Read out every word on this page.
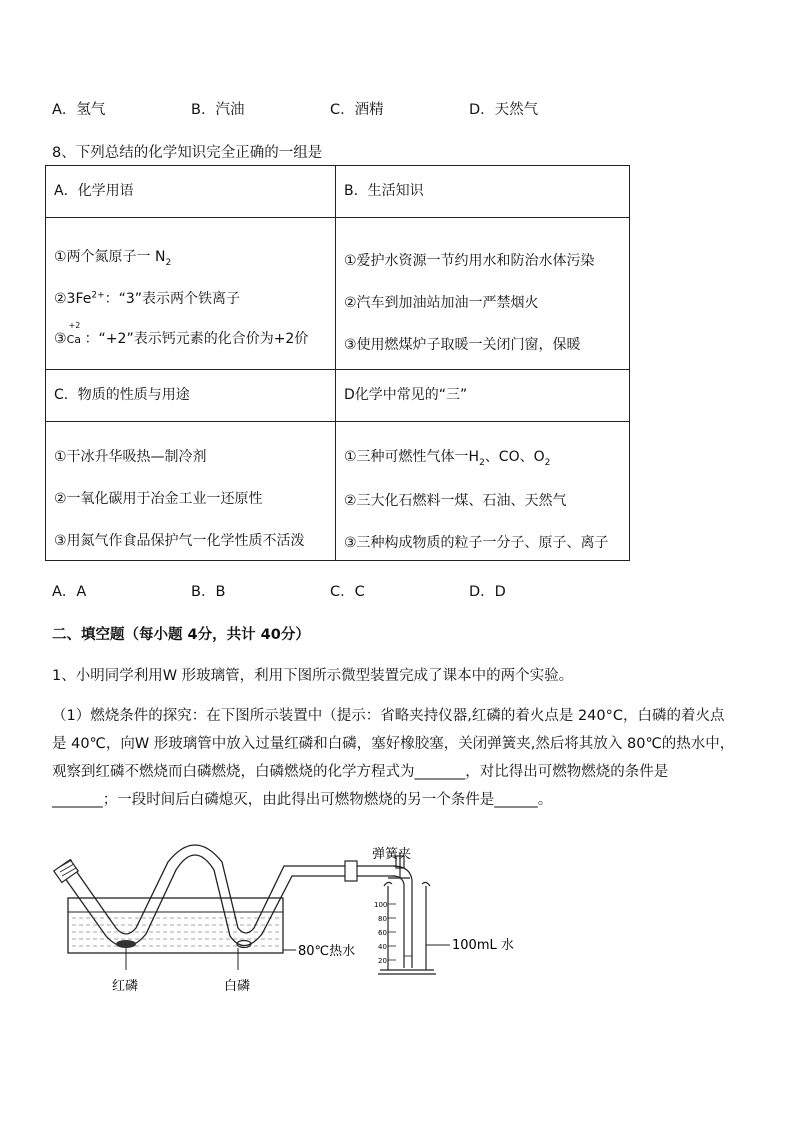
A．氢气	B．汽油	C．酒精	D．天然气
8、下列总结的化学知识完全正确的一组是
A．化学用语	B．生活知识

①两个氮原子一 $N_2$
$②3Fe^{2+}$：“3”表示两个铁离子
③
+2
Ca ：“+2”表示钙元素的化合价为+2价	①爱护水资源一节约用水和防治水体污染
②汽车到加油站加油一严禁烟火
③使用燃煤炉子取暖一关闭门窗，保暖

C．物质的性质与用途	D化学中常见的“三”

①干冰升华吸热—制冷剂
②一氧化碳用于冶金工业一还原性
③用氮气作食品保护气一化学性质不活泼	①三种可燃性气体一$H_2$、CO、$O_2$
②三大化石燃料一煤、石油、天然气
③三种构成物质的粒子一分子、原子、离子
A．A	B．B	C．C	D．D
二、填空题（每小题 4分，共计 40分）
1、小明同学利用W 形玻璃管，利用下图所示微型装置完成了课本中的两个实验。
（1）燃烧条件的探究：在下图所示装置中（提示：省略夹持仪器,红磷的着火点是 240°C，白磷的着火点
是 40℃，向W 形玻璃管中放入过量红磷和白磷，塞好橡胶塞，关闭弹簧夹,然后将其放入 80℃的热水中，
观察到红磷不燃烧而白磷燃烧，白磷燃烧的化学方程式为_______，对比得出可燃物燃烧的条件是
_______；一段时间后白磷熄灭，由此得出可燃物燃烧的另一个条件是______。
100
80
60
40
20
弹簧夹
80℃热水	100mL 水
红磷	白磷
